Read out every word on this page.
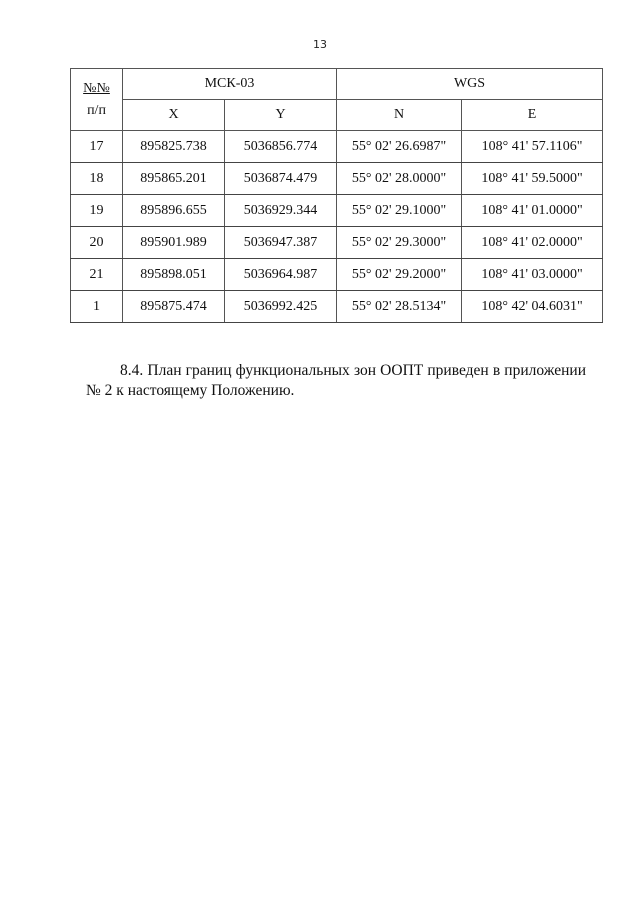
13
№№
п/п	МСК-03		WGS	
	X	Y	N	E
17	895825.738	5036856.774	55° 02' 26.6987"	108° 41' 57.1106"
18	895865.201	5036874.479	55° 02' 28.0000"	108° 41' 59.5000"
19	895896.655	5036929.344	55° 02' 29.1000"	108° 41' 01.0000"
20	895901.989	5036947.387	55° 02' 29.3000"	108° 41' 02.0000"
21	895898.051	5036964.987	55° 02' 29.2000"	108° 41' 03.0000"
1	895875.474	5036992.425	55° 02' 28.5134"	108° 42' 04.6031"

8.4. План границ функциональных зон ООПТ приведен в приложении № 2 к настоящему Положению.
